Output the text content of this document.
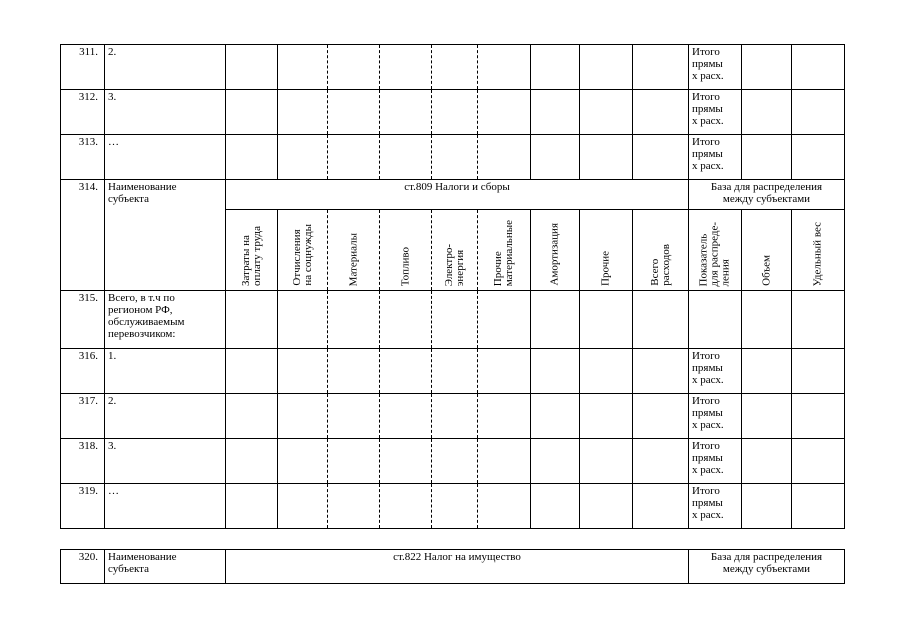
311.	2.										Итого
прямы
х расх.		
312.	3.										Итого
прямы
х расх.		
313.	…										Итого
прямы
х расх.		
314.	Наименование
субъекта	ст.809 Налоги и сборы									База для распределения
между субъектами		

		Затраты на
оплату труда	Отчисления
на соцнужды	Материалы	Топливо	Электро-
энергия	Прочие
материальные	Амортизация	Прочие	Всего
расходов	Показатель
для распреде-
ления	Объем	Удельный вес

315.	Всего, в т.ч по
регионом РФ,
обслуживаемым
перевозчиком:												
316.	1.										Итого
прямы
х расх.		
317.	2.										Итого
прямы
х расх.		
318.	3.										Итого
прямы
х расх.		
319.	…										Итого
прямы
х расх.		
320.	Наименование
субъекта	ст.822 Налог на имущество	База для распределения
между субъектами
